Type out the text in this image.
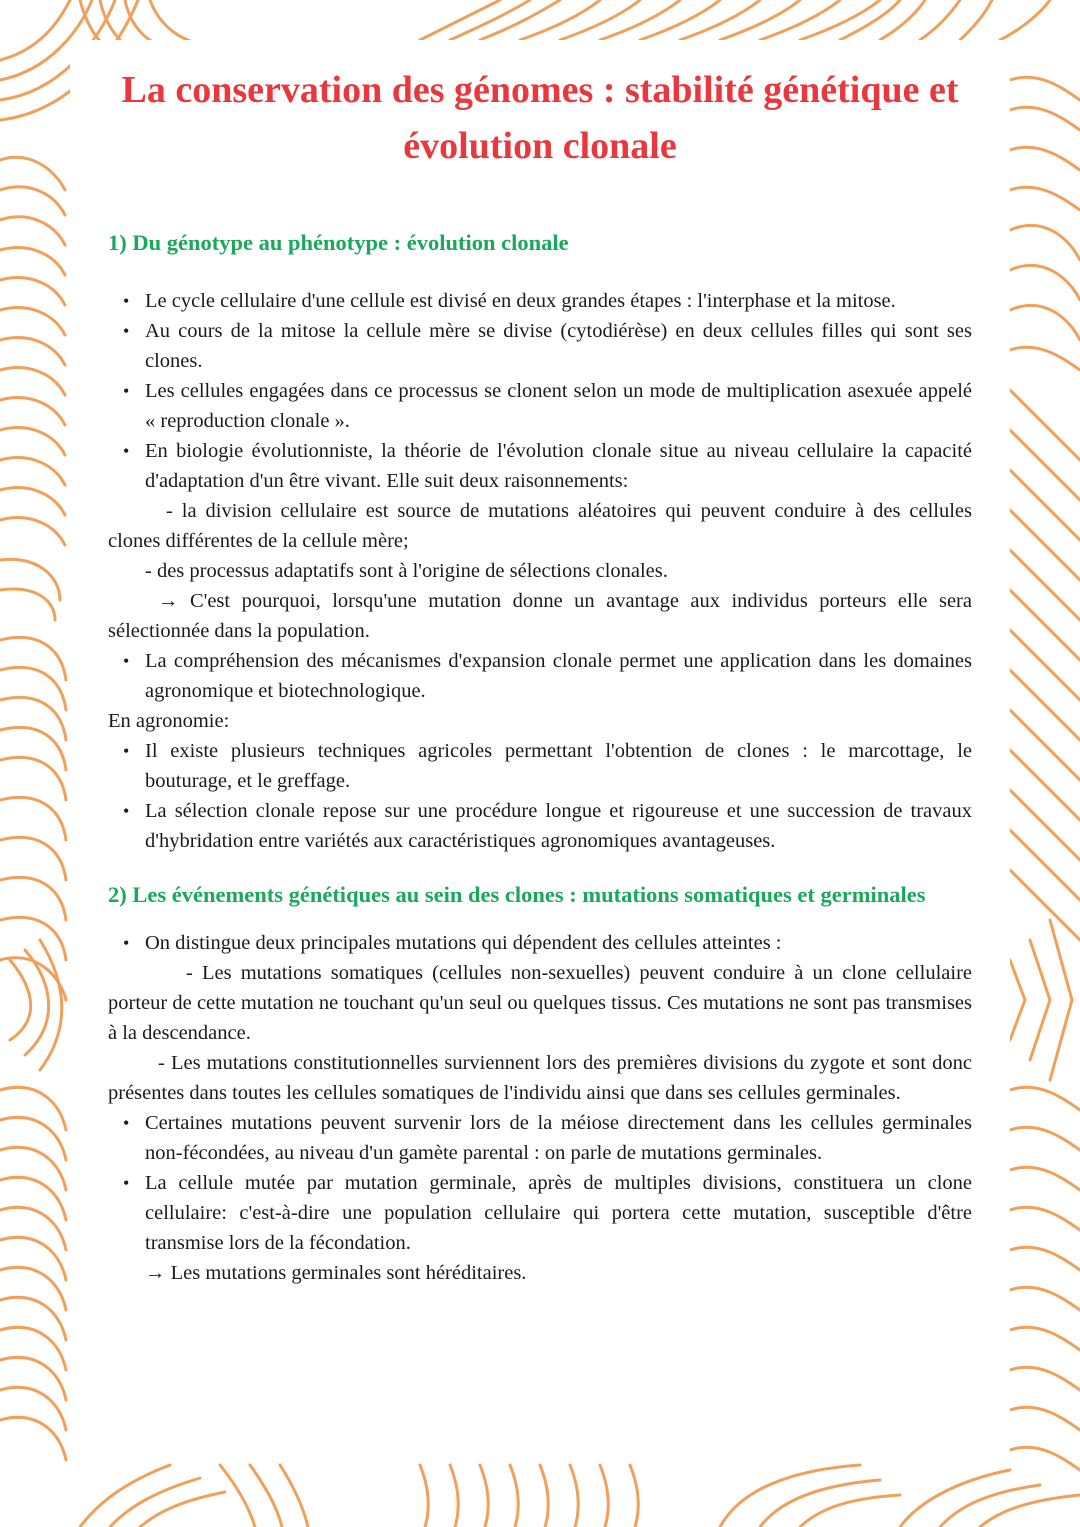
La conservation des génomes : stabilité génétique et évolution clonale
1) Du génotype au phénotype : évolution clonale
• Le cycle cellulaire d'une cellule est divisé en deux grandes étapes : l'interphase et la mitose.
• Au cours de la mitose la cellule mère se divise (cytodiérèse) en deux cellules filles qui sont ses clones.
• Les cellules engagées dans ce processus se clonent selon un mode de multiplication asexuée appelé « reproduction clonale ».
• En biologie évolutionniste, la théorie de l'évolution clonale situe au niveau cellulaire la capacité d'adaptation d'un être vivant. Elle suit deux raisonnements:

- la division cellulaire est source de mutations aléatoires qui peuvent conduire à des cellules clones différentes de la cellule mère;

- des processus adaptatifs sont à l'origine de sélections clonales.

→ C'est pourquoi, lorsqu'une mutation donne un avantage aux individus porteurs elle sera sélectionnée dans la population.

• La compréhension des mécanismes d'expansion clonale permet une application dans les domaines agronomique et biotechnologique.

En agronomie:

• Il existe plusieurs techniques agricoles permettant l'obtention de clones : le marcottage, le bouturage, et le greffage.
• La sélection clonale repose sur une procédure longue et rigoureuse et une succession de travaux d'hybridation entre variétés aux caractéristiques agronomiques avantageuses.
2) Les événements génétiques au sein des clones : mutations somatiques et germinales
• On distingue deux principales mutations qui dépendent des cellules atteintes :

- Les mutations somatiques (cellules non-sexuelles) peuvent conduire à un clone cellulaire porteur de cette mutation ne touchant qu'un seul ou quelques tissus. Ces mutations ne sont pas transmises à la descendance.

- Les mutations constitutionnelles surviennent lors des premières divisions du zygote et sont donc présentes dans toutes les cellules somatiques de l'individu ainsi que dans ses cellules germinales.

• Certaines mutations peuvent survenir lors de la méiose directement dans les cellules germinales non-fécondées, au niveau d'un gamète parental : on parle de mutations germinales.
• La cellule mutée par mutation germinale, après de multiples divisions, constituera un clone cellulaire: c'est-à-dire une population cellulaire qui portera cette mutation, susceptible d'être transmise lors de la fécondation.

→ Les mutations germinales sont héréditaires.
